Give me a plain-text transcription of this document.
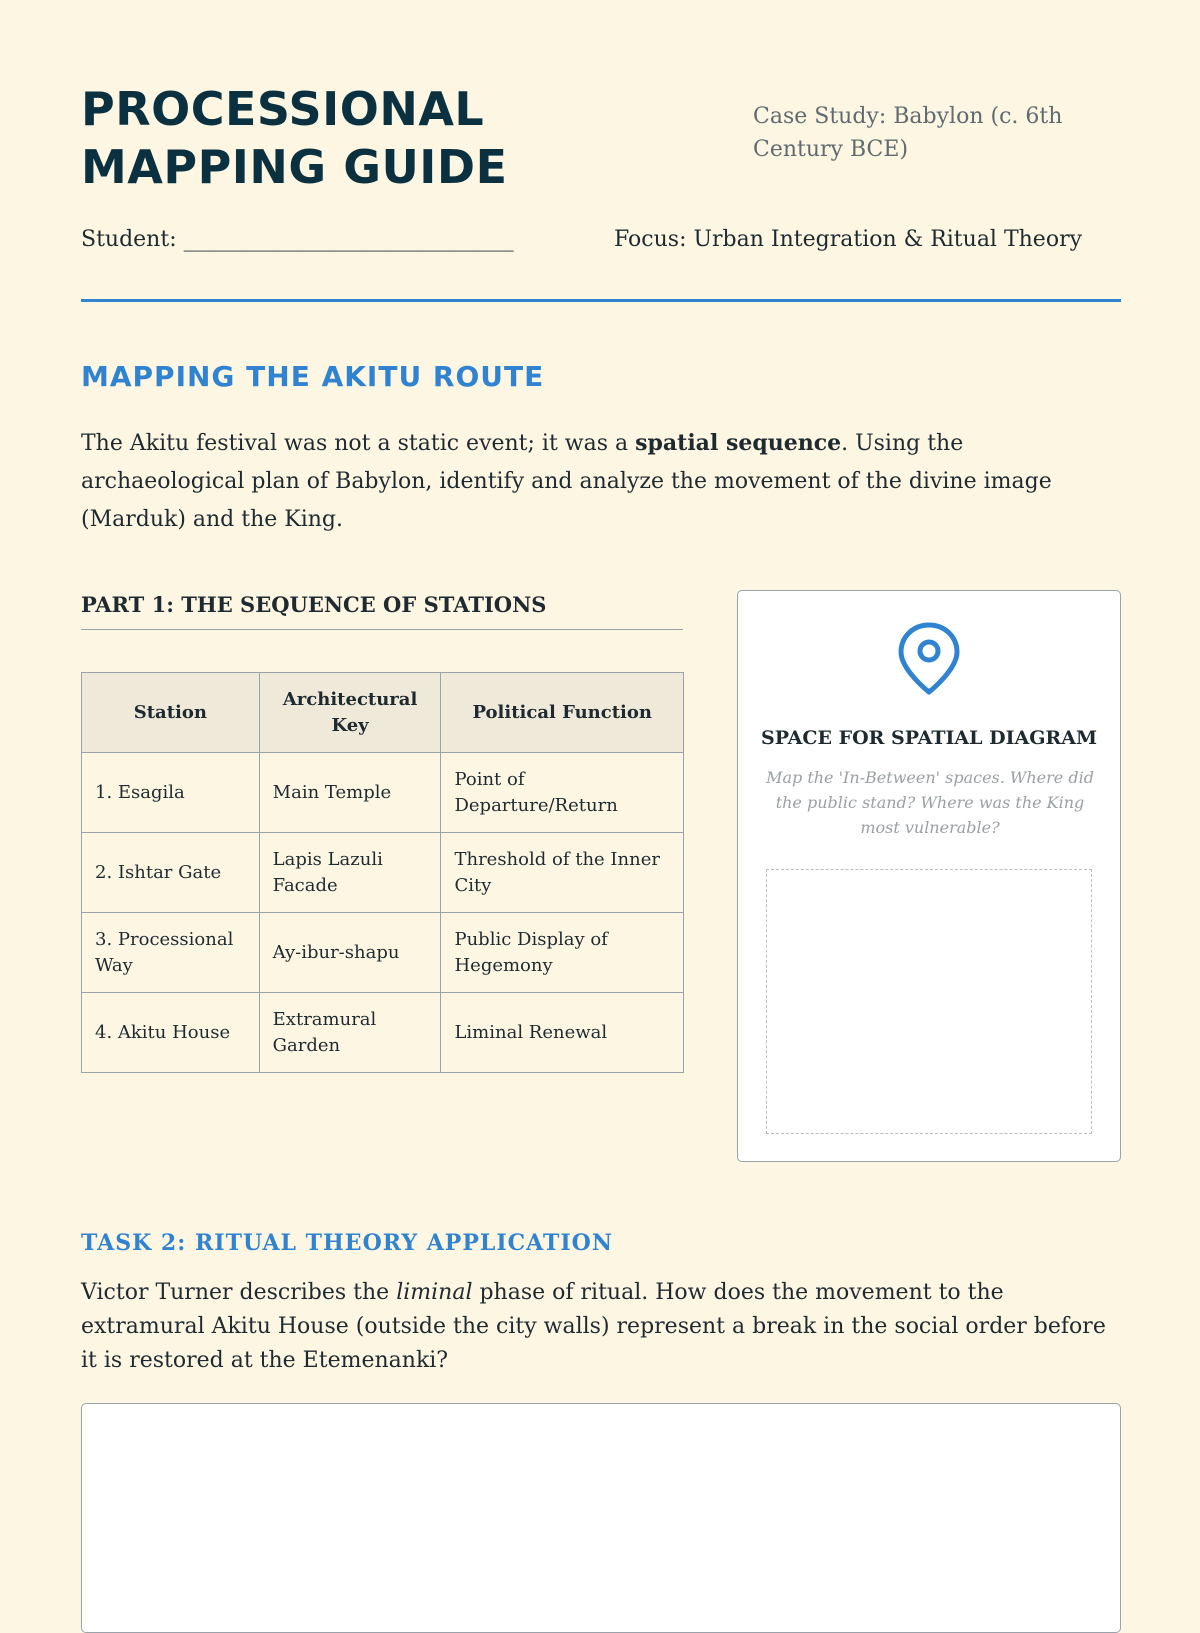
PROCESSIONAL MAPPING GUIDE

Case Study: Babylon (c. 6th Century BCE)

Student: ______________________________	Focus: Urban Integration & Ritual Theory
MAPPING THE AKITU ROUTE

The Akitu festival was not a static event; it was a spatial sequence. Using the archaeological plan of Babylon, identify and analyze the movement of the divine image (Marduk) and the King.

PART 1: THE SEQUENCE OF STATIONS
Station	Architectural Key	Political Function
1. Esagila	Main Temple	Point of Departure/Return
2. Ishtar Gate	Lapis Lazuli Facade	Threshold of the Inner City
3. Processional Way	Ay-ibur-shapu	Public Display of Hegemony
4. Akitu House	Extramural Garden	Liminal Renewal
SPACE FOR SPATIAL DIAGRAM
Map the 'In-Between' spaces. Where did the public stand? Where was the King most vulnerable?
TASK 2: RITUAL THEORY APPLICATION

Victor Turner describes the liminal phase of ritual. How does the movement to the extramural Akitu House (outside the city walls) represent a break in the social order before it is restored at the Etemenanki?
